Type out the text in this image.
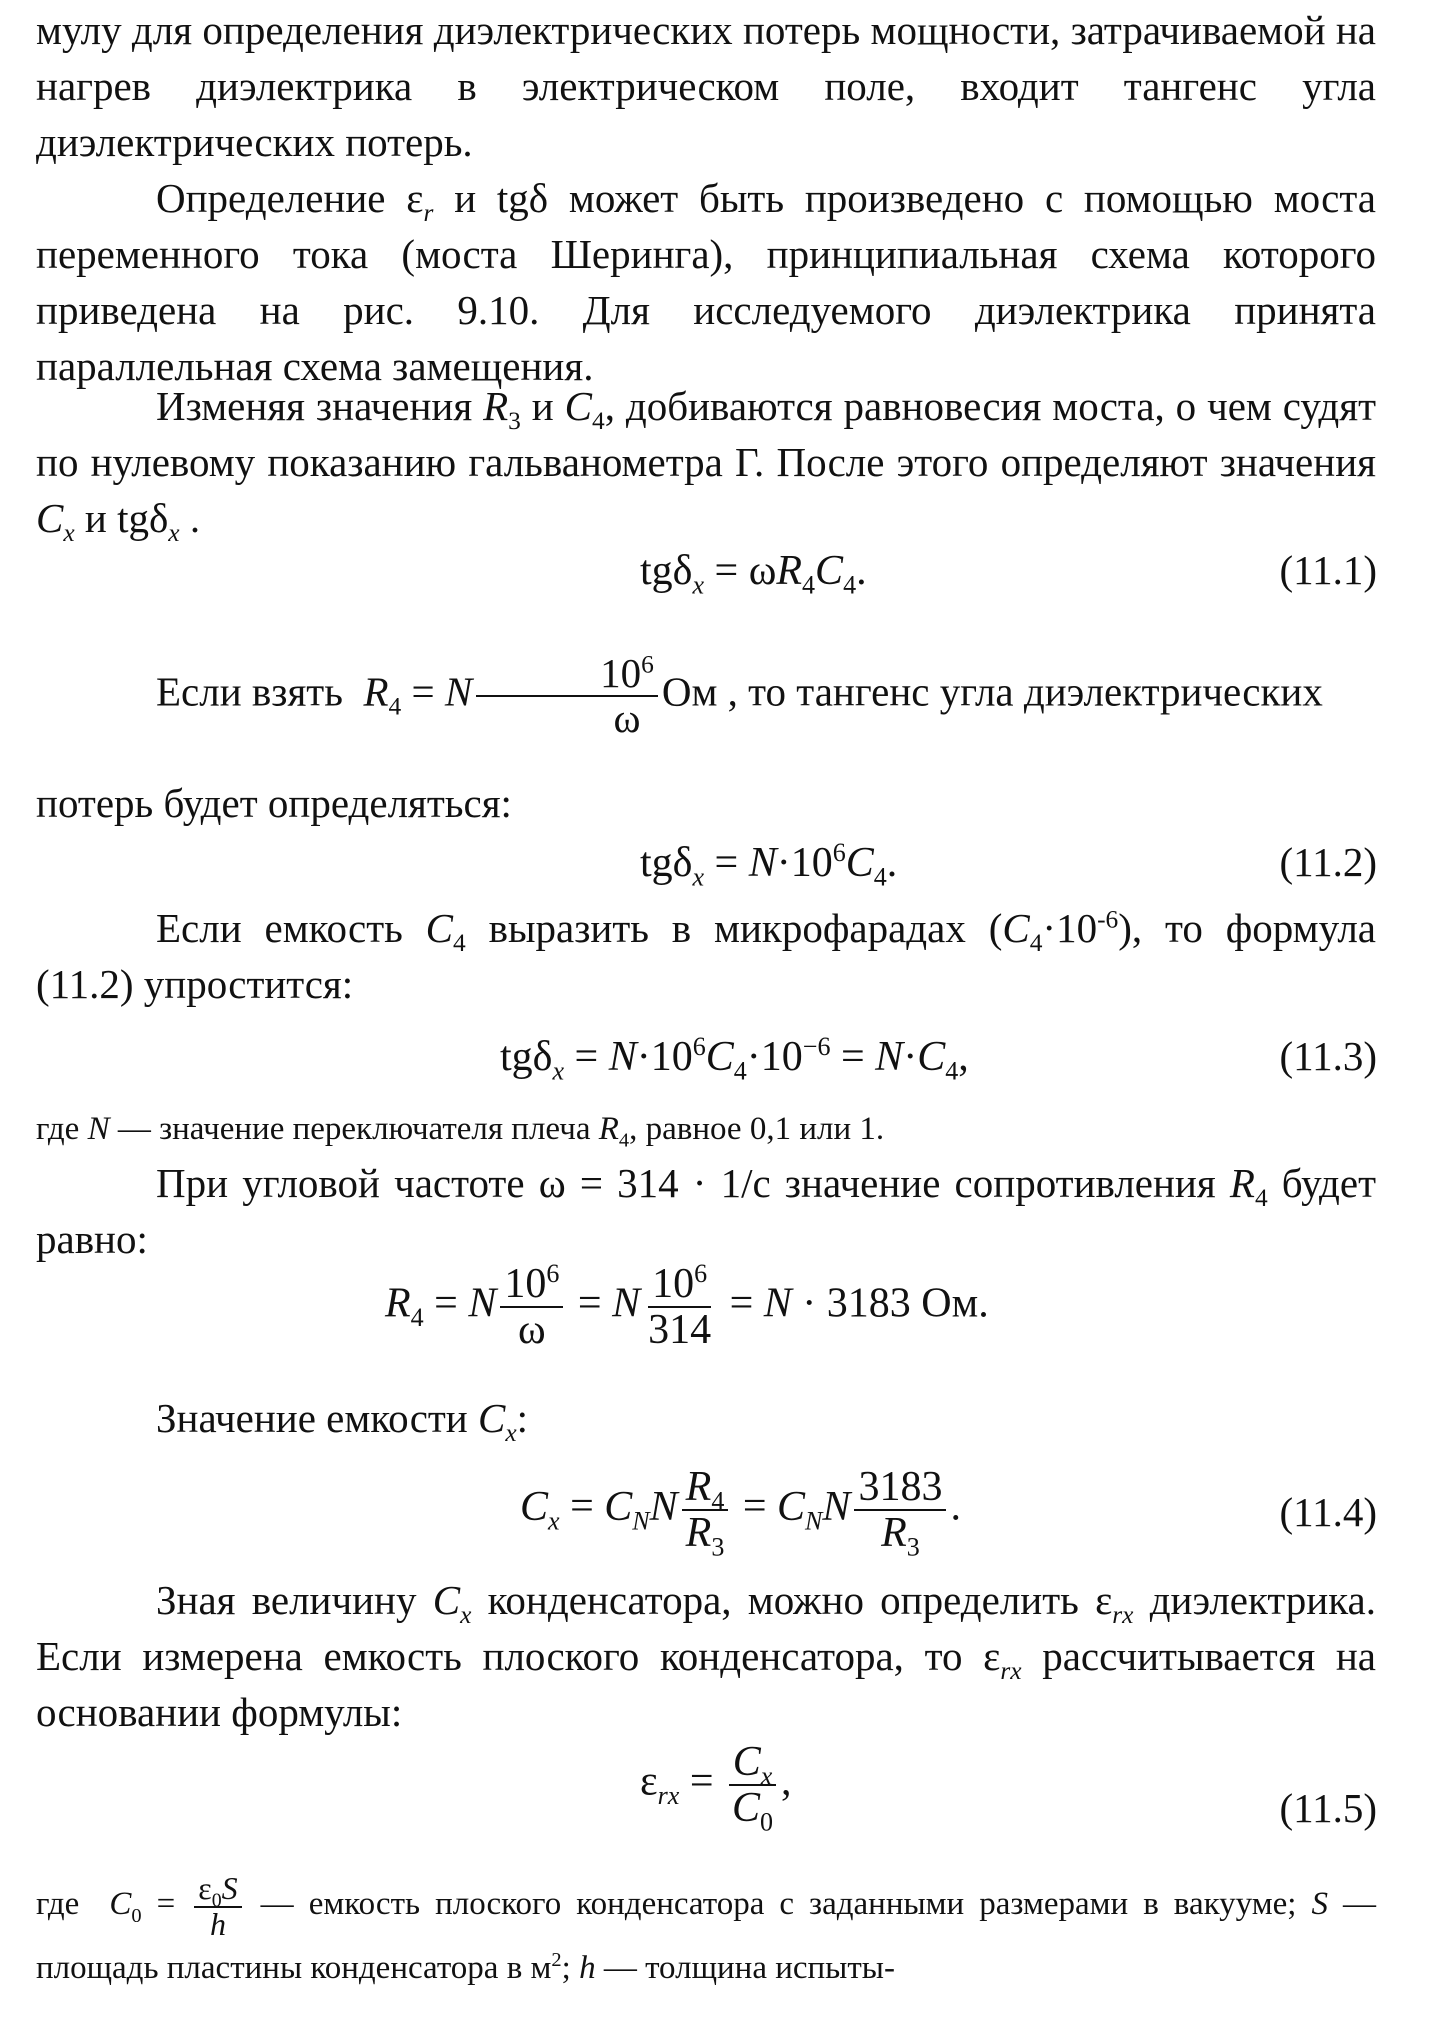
мулу для определения диэлектрических потерь мощности, затрачиваемой на нагрев диэлектрика в электрическом поле, входит тангенс угла диэлектрических потерь.

Определение $\varepsilon_r$ и tgδ может быть произведено с помощью моста переменного тока (моста Шеринга), принципиальная схема которого приведена на рис. 9.10. Для исследуемого диэлектрика принята параллельная схема замещения.

Изменяя значения $R_3$ и $C_4$, добиваются равновесия моста, о чем судят по нулевому показанию гальванометра Г. После этого определяют значения $C_x$ и tgδ$_x$ .

$tg\delta_x = \omega R_4C_4$.	(11.1)
Если взять  $R_4 = N \frac{10^6}{\omega}$ Ом , то тангенс угла диэлектрических

потерь будет определяться:

$tg\delta_x = N\cdot 10^6C_4$.	(11.2)

Если емкость $C_4$ выразить в микрофарадах $(C_4\cdot 10^{-6})$, то формула (11.2) упростится:

$tg\delta_x = N\cdot 10^6C_4\cdot 10^{-6} = N\cdot C_4$,	(11.3)

где N — значение переключателя плеча $R_4$, равное 0,1 или 1.

При угловой частоте ω = 314 · 1/с значение сопротивления $R_4$ будет равно:

$R_4 = N \frac{10^6}{\omega} = N \frac{10^6}{314} = N \cdot 3183$ Ом.

Значение емкости $C_x$:

$C_x = C_NN \frac{R_4}{R_3} = C_NN \frac{3183}{R_3}$ .	(11.4)

Зная величину $C_x$ конденсатора, можно определить $\varepsilon_{rx}$ диэлектрика. Если измерена емкость плоского конденсатора, то $\varepsilon_{rx}$ рассчитывается на основании формулы:

$\varepsilon_{rx} = \frac{C_x}{C_0}$ ,
(11.5)

где  $C_0 = \frac{\varepsilon_0S}{h}$ — емкость плоского конденсатора с заданными размерами в вакууме; S — площадь пластины конденсатора в $м^2$; h — толщина испыты-
